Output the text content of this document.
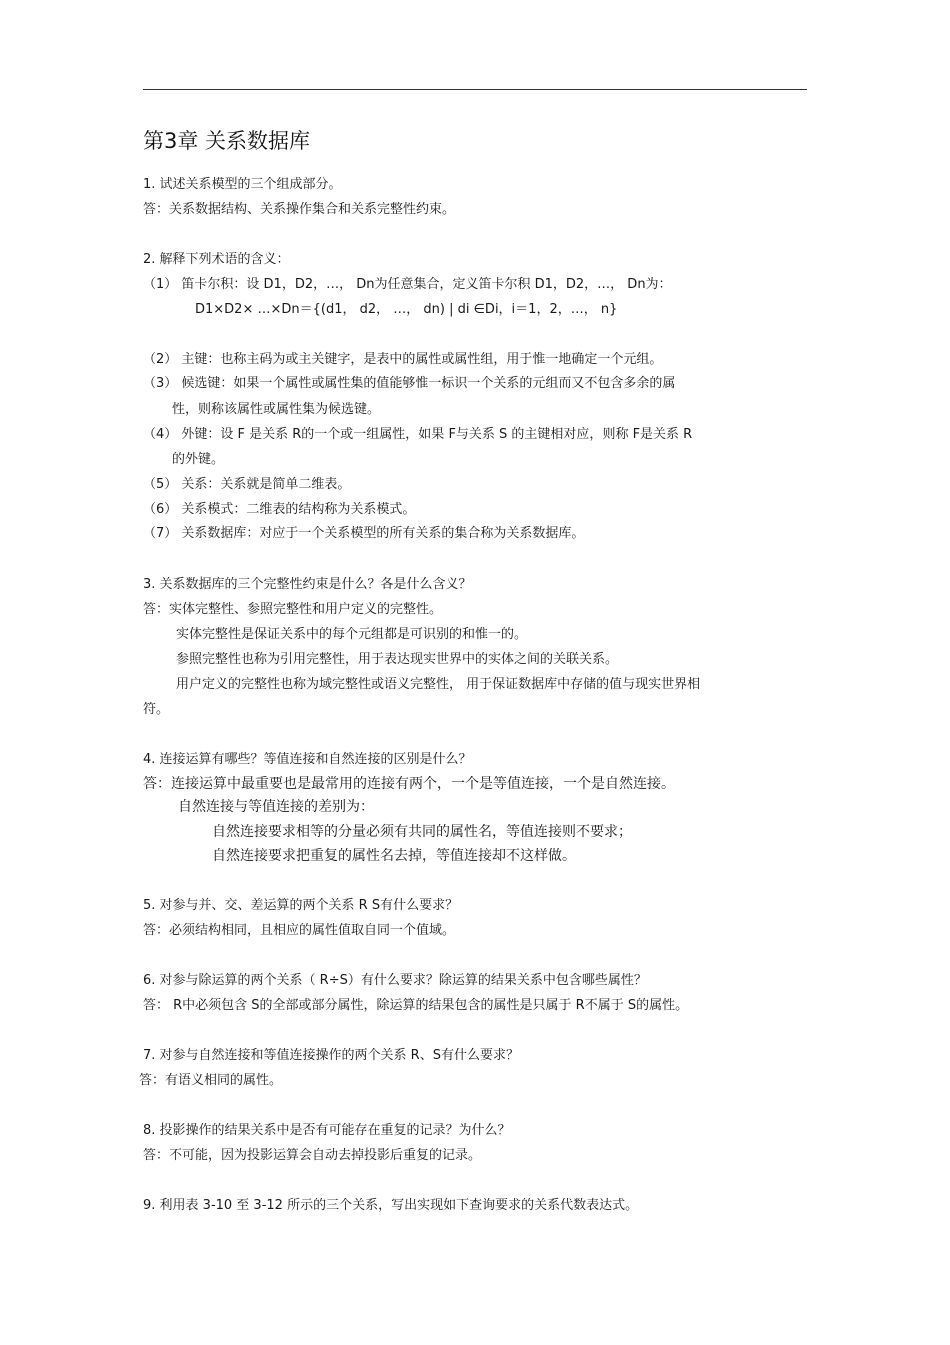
第3章 关系数据库
1. 试述关系模型的三个组成部分。
答：关系数据结构、关系操作集合和关系完整性约束。
2. 解释下列术语的含义：
（1） 笛卡尔积：设 D1，D2，…， Dn为任意集合，定义笛卡尔积 D1，D2，…， Dn为：
D1×D2× …×Dn＝{(d1， d2， …， dn) | di ∈Di，i＝1，2，…， n}
（2） 主键：也称主码为或主关键字，是表中的属性或属性组，用于惟一地确定一个元组。
（3） 候选键：如果一个属性或属性集的值能够惟一标识一个关系的元组而又不包含多余的属
性，则称该属性或属性集为候选键。
（4） 外键：设 F 是关系 R的一个或一组属性，如果 F与关系 S 的主键相对应，则称 F是关系 R
的外键。
（5） 关系：关系就是简单二维表。
（6） 关系模式：二维表的结构称为关系模式。
（7） 关系数据库：对应于一个关系模型的所有关系的集合称为关系数据库。
3. 关系数据库的三个完整性约束是什么？各是什么含义？
答：实体完整性、参照完整性和用户定义的完整性。
实体完整性是保证关系中的每个元组都是可识别的和惟一的。
参照完整性也称为引用完整性，用于表达现实世界中的实体之间的关联关系。
用户定义的完整性也称为域完整性或语义完整性， 用于保证数据库中存储的值与现实世界相
符。
4. 连接运算有哪些？等值连接和自然连接的区别是什么？
答：连接运算中最重要也是最常用的连接有两个，一个是等值连接，一个是自然连接。
自然连接与等值连接的差别为：
自然连接要求相等的分量必须有共同的属性名，等值连接则不要求；
自然连接要求把重复的属性名去掉，等值连接却不这样做。
5. 对参与并、交、差运算的两个关系 R S有什么要求？
答：必须结构相同，且相应的属性值取自同一个值域。
6. 对参与除运算的两个关系（ R÷S）有什么要求？除运算的结果关系中包含哪些属性？
答： R中必须包含 S的全部或部分属性，除运算的结果包含的属性是只属于 R不属于 S的属性。
7. 对参与自然连接和等值连接操作的两个关系 R、S有什么要求？
答：有语义相同的属性。
8. 投影操作的结果关系中是否有可能存在重复的记录？为什么？
答：不可能，因为投影运算会自动去掉投影后重复的记录。
9. 利用表 3-10 至 3-12 所示的三个关系，写出实现如下查询要求的关系代数表达式。
